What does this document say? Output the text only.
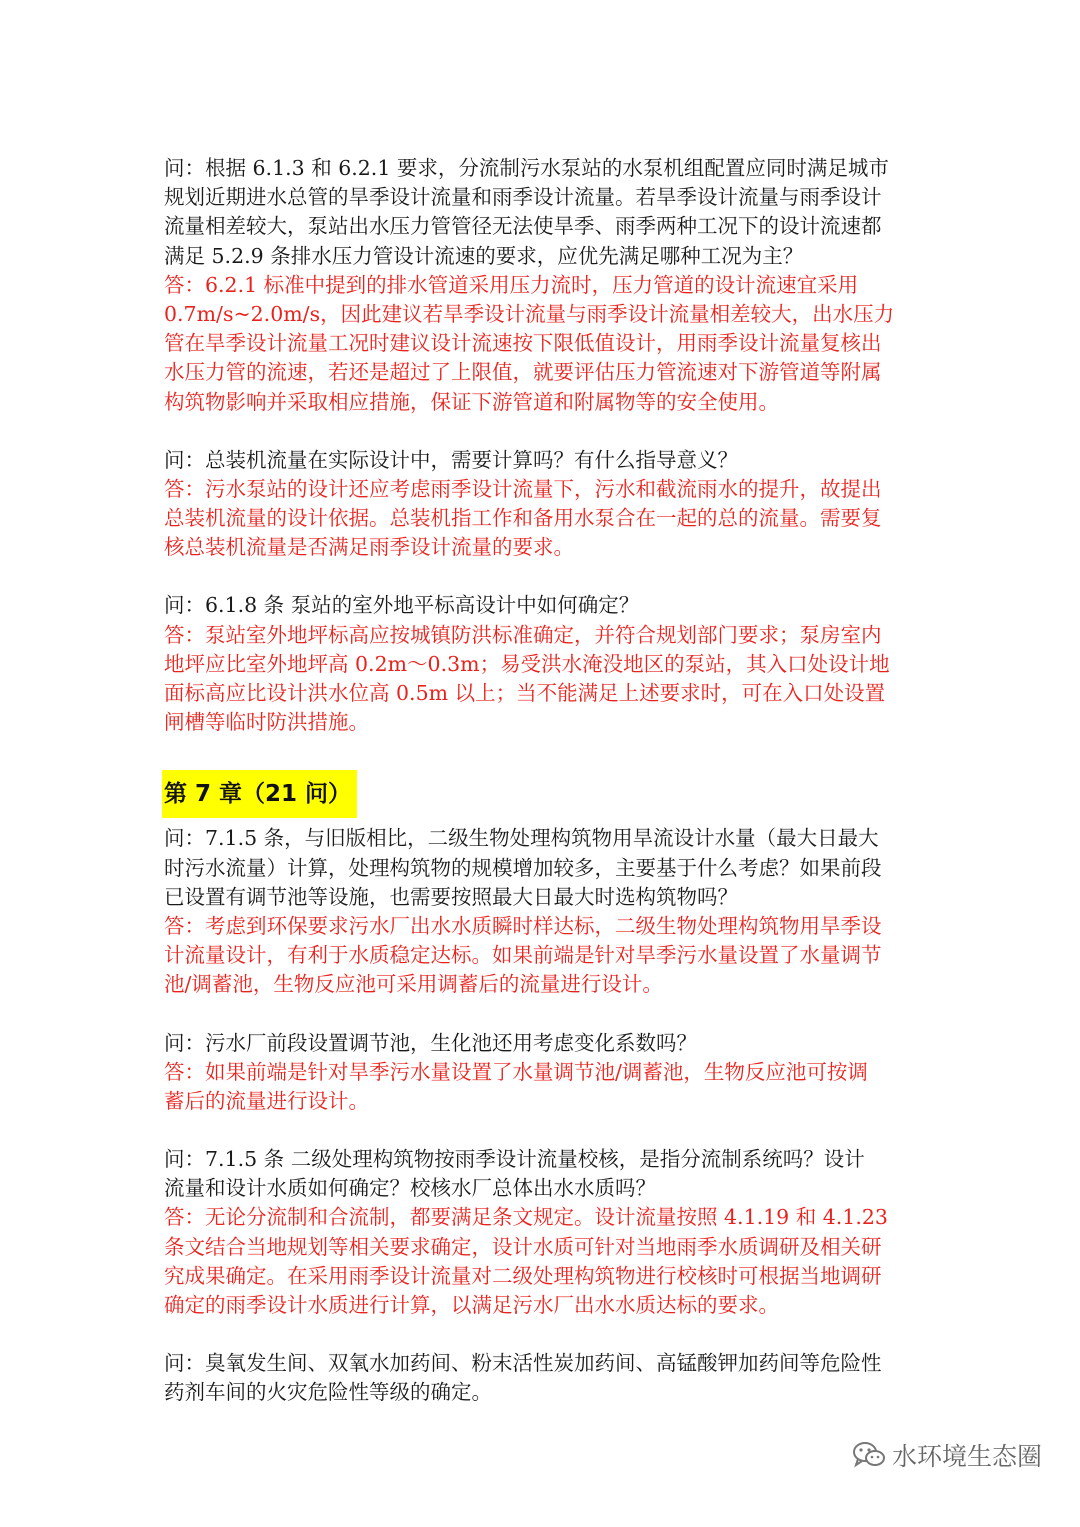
问：根据 6.1.3 和 6.2.1 要求，分流制污水泵站的水泵机组配置应同时满足城市
规划近期进水总管的旱季设计流量和雨季设计流量。若旱季设计流量与雨季设计
流量相差较大，泵站出水压力管管径无法使旱季、雨季两种工况下的设计流速都
满足 5.2.9 条排水压力管设计流速的要求，应优先满足哪种工况为主？
答：6.2.1 标准中提到的排水管道采用压力流时，压力管道的设计流速宜采用
0.7m/s~2.0m/s，因此建议若旱季设计流量与雨季设计流量相差较大，出水压力
管在旱季设计流量工况时建议设计流速按下限低值设计，用雨季设计流量复核出
水压力管的流速，若还是超过了上限值，就要评估压力管流速对下游管道等附属
构筑物影响并采取相应措施，保证下游管道和附属物等的安全使用。
问：总装机流量在实际设计中，需要计算吗？有什么指导意义？
答：污水泵站的设计还应考虑雨季设计流量下，污水和截流雨水的提升，故提出
总装机流量的设计依据。总装机指工作和备用水泵合在一起的总的流量。需要复
核总装机流量是否满足雨季设计流量的要求。
问：6.1.8 条 泵站的室外地平标高设计中如何确定？
答：泵站室外地坪标高应按城镇防洪标准确定，并符合规划部门要求；泵房室内
地坪应比室外地坪高 0.2m～0.3m；易受洪水淹没地区的泵站，其入口处设计地
面标高应比设计洪水位高 0.5m 以上；当不能满足上述要求时，可在入口处设置
闸槽等临时防洪措施。
第 7 章（21 问）
问：7.1.5 条，与旧版相比，二级生物处理构筑物用旱流设计水量（最大日最大
时污水流量）计算，处理构筑物的规模增加较多，主要基于什么考虑？如果前段
已设置有调节池等设施，也需要按照最大日最大时选构筑物吗？
答：考虑到环保要求污水厂出水水质瞬时样达标，二级生物处理构筑物用旱季设
计流量设计，有利于水质稳定达标。如果前端是针对旱季污水量设置了水量调节
池/调蓄池，生物反应池可采用调蓄后的流量进行设计。
问：污水厂前段设置调节池，生化池还用考虑变化系数吗？
答：如果前端是针对旱季污水量设置了水量调节池/调蓄池，生物反应池可按调
蓄后的流量进行设计。
问：7.1.5 条 二级处理构筑物按雨季设计流量校核，是指分流制系统吗？设计
流量和设计水质如何确定？校核水厂总体出水水质吗？
答：无论分流制和合流制，都要满足条文规定。设计流量按照 4.1.19 和 4.1.23
条文结合当地规划等相关要求确定，设计水质可针对当地雨季水质调研及相关研
究成果确定。在采用雨季设计流量对二级处理构筑物进行校核时可根据当地调研
确定的雨季设计水质进行计算，以满足污水厂出水水质达标的要求。
问：臭氧发生间、双氧水加药间、粉末活性炭加药间、高锰酸钾加药间等危险性
药剂车间的火灾危险性等级的确定。
水环境生态圈
